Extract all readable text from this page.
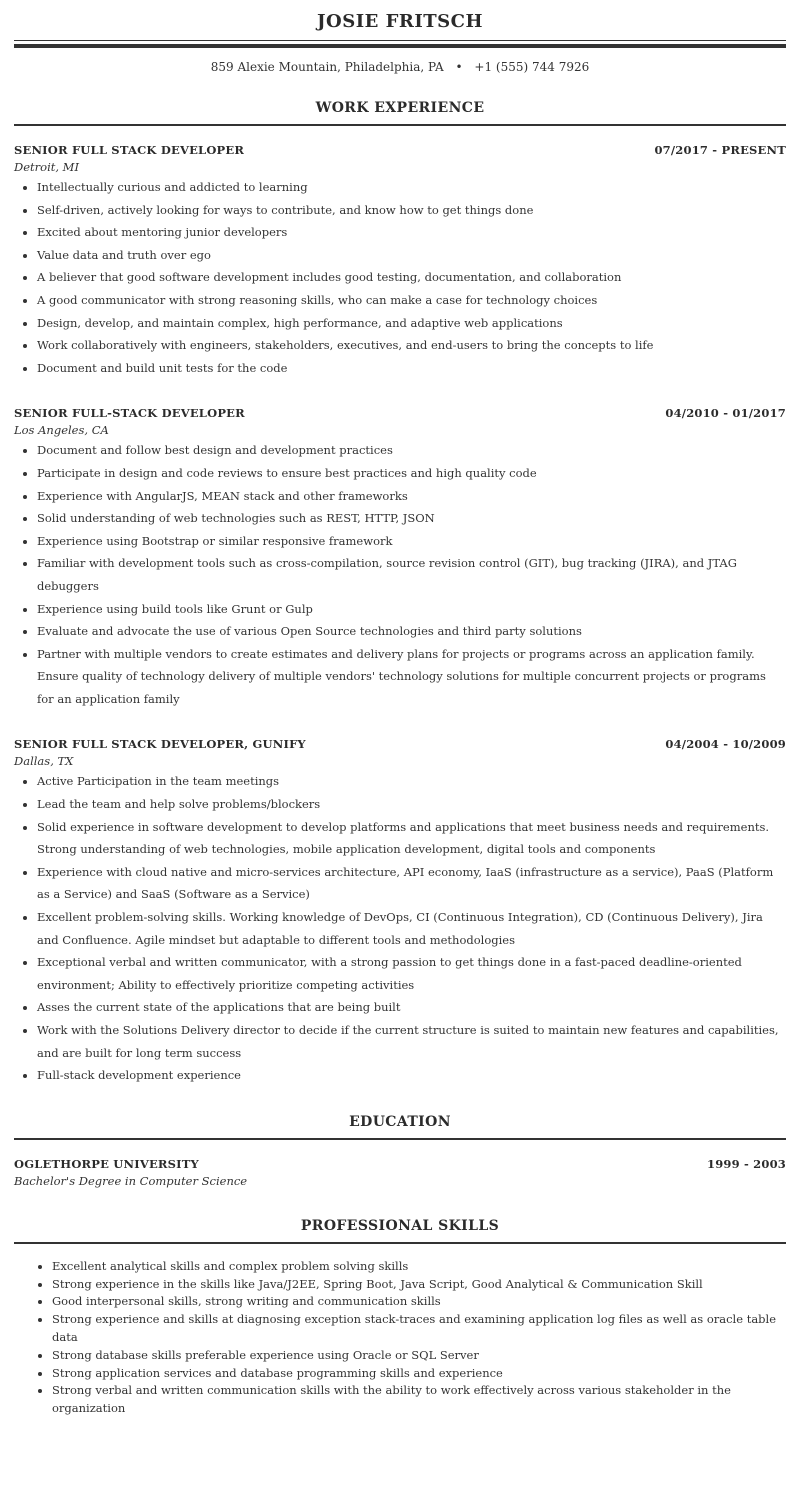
JOSIE FRITSCH
859 Alexie Mountain, Philadelphia, PA • +1 (555) 744 7926
WORK EXPERIENCE
SENIOR FULL STACK DEVELOPER	07/2017 - PRESENT
Detroit, MI
• Intellectually curious and addicted to learning
• Self-driven, actively looking for ways to contribute, and know how to get things done
• Excited about mentoring junior developers
• Value data and truth over ego
• A believer that good software development includes good testing, documentation, and collaboration
• A good communicator with strong reasoning skills, who can make a case for technology choices
• Design, develop, and maintain complex, high performance, and adaptive web applications
• Work collaboratively with engineers, stakeholders, executives, and end-users to bring the concepts to life
• Document and build unit tests for the code
SENIOR FULL-STACK DEVELOPER	04/2010 - 01/2017
Los Angeles, CA
• Document and follow best design and development practices
• Participate in design and code reviews to ensure best practices and high quality code
• Experience with AngularJS, MEAN stack and other frameworks
• Solid understanding of web technologies such as REST, HTTP, JSON
• Experience using Bootstrap or similar responsive framework
• Familiar with development tools such as cross-compilation, source revision control (GIT), bug tracking (JIRA), and JTAG debuggers
• Experience using build tools like Grunt or Gulp
• Evaluate and advocate the use of various Open Source technologies and third party solutions
• Partner with multiple vendors to create estimates and delivery plans for projects or programs across an application family. Ensure quality of technology delivery of multiple vendors' technology solutions for multiple concurrent projects or programs for an application family
SENIOR FULL STACK DEVELOPER, GUNIFY	04/2004 - 10/2009
Dallas, TX
• Active Participation in the team meetings
• Lead the team and help solve problems/blockers
• Solid experience in software development to develop platforms and applications that meet business needs and requirements. Strong understanding of web technologies, mobile application development, digital tools and components
• Experience with cloud native and micro-services architecture, API economy, IaaS (infrastructure as a service), PaaS (Platform as a Service) and SaaS (Software as a Service)
• Excellent problem-solving skills. Working knowledge of DevOps, CI (Continuous Integration), CD (Continuous Delivery), Jira and Confluence. Agile mindset but adaptable to different tools and methodologies
• Exceptional verbal and written communicator, with a strong passion to get things done in a fast-paced deadline-oriented environment; Ability to effectively prioritize competing activities
• Asses the current state of the applications that are being built
• Work with the Solutions Delivery director to decide if the current structure is suited to maintain new features and capabilities, and are built for long term success
• Full-stack development experience
EDUCATION
OGLETHORPE UNIVERSITY	1999 - 2003
Bachelor's Degree in Computer Science
PROFESSIONAL SKILLS
• Excellent analytical skills and complex problem solving skills
• Strong experience in the skills like Java/J2EE, Spring Boot, Java Script, Good Analytical & Communication Skill
• Good interpersonal skills, strong writing and communication skills
• Strong experience and skills at diagnosing exception stack-traces and examining application log files as well as oracle table data
• Strong database skills preferable experience using Oracle or SQL Server
• Strong application services and database programming skills and experience
• Strong verbal and written communication skills with the ability to work effectively across various stakeholder in the organization
